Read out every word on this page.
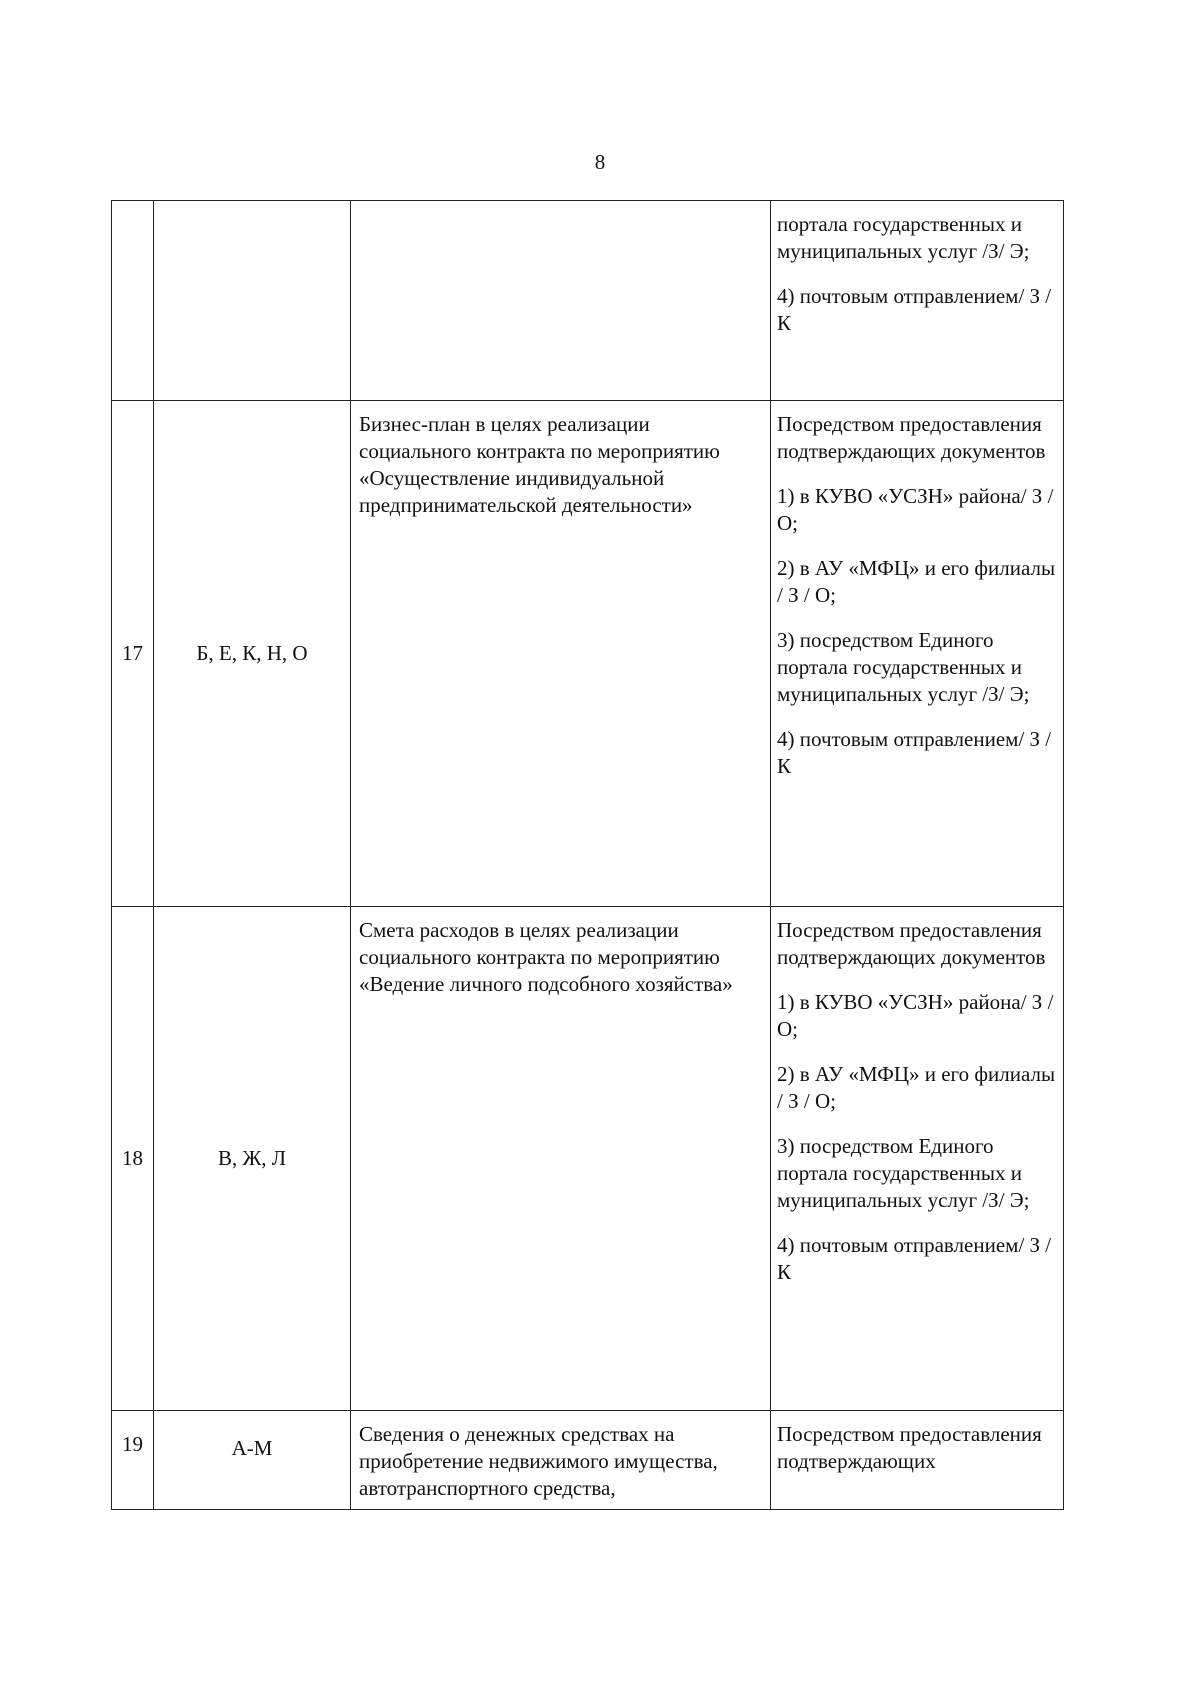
8

			портала государственных и муниципальных услуг /З/ Э;

4) почтовым отправлением/ З / К

17	Б, Е, К, Н, О	Бизнес-план в целях реализации социального контракта по мероприятию «Осуществление индивидуальной предпринимательской деятельности»	Посредством предоставления подтверждающих документов

1) в КУВО «УСЗН» района/ З / О;

2) в АУ «МФЦ» и его филиалы / З / О;

3) посредством Единого портала государственных и муниципальных услуг /З/ Э;

4) почтовым отправлением/ З / К

18	В, Ж, Л	Смета расходов в целях реализации социального контракта по мероприятию «Ведение личного подсобного хозяйства»	Посредством предоставления подтверждающих документов

1) в КУВО «УСЗН» района/ З / О;

2) в АУ «МФЦ» и его филиалы / З / О;

3) посредством Единого портала государственных и муниципальных услуг /З/ Э;

4) почтовым отправлением/ З / К

19	А-М	Сведения о денежных средствах на приобретение недвижимого имущества, автотранспортного средства,	Посредством предоставления подтверждающих
